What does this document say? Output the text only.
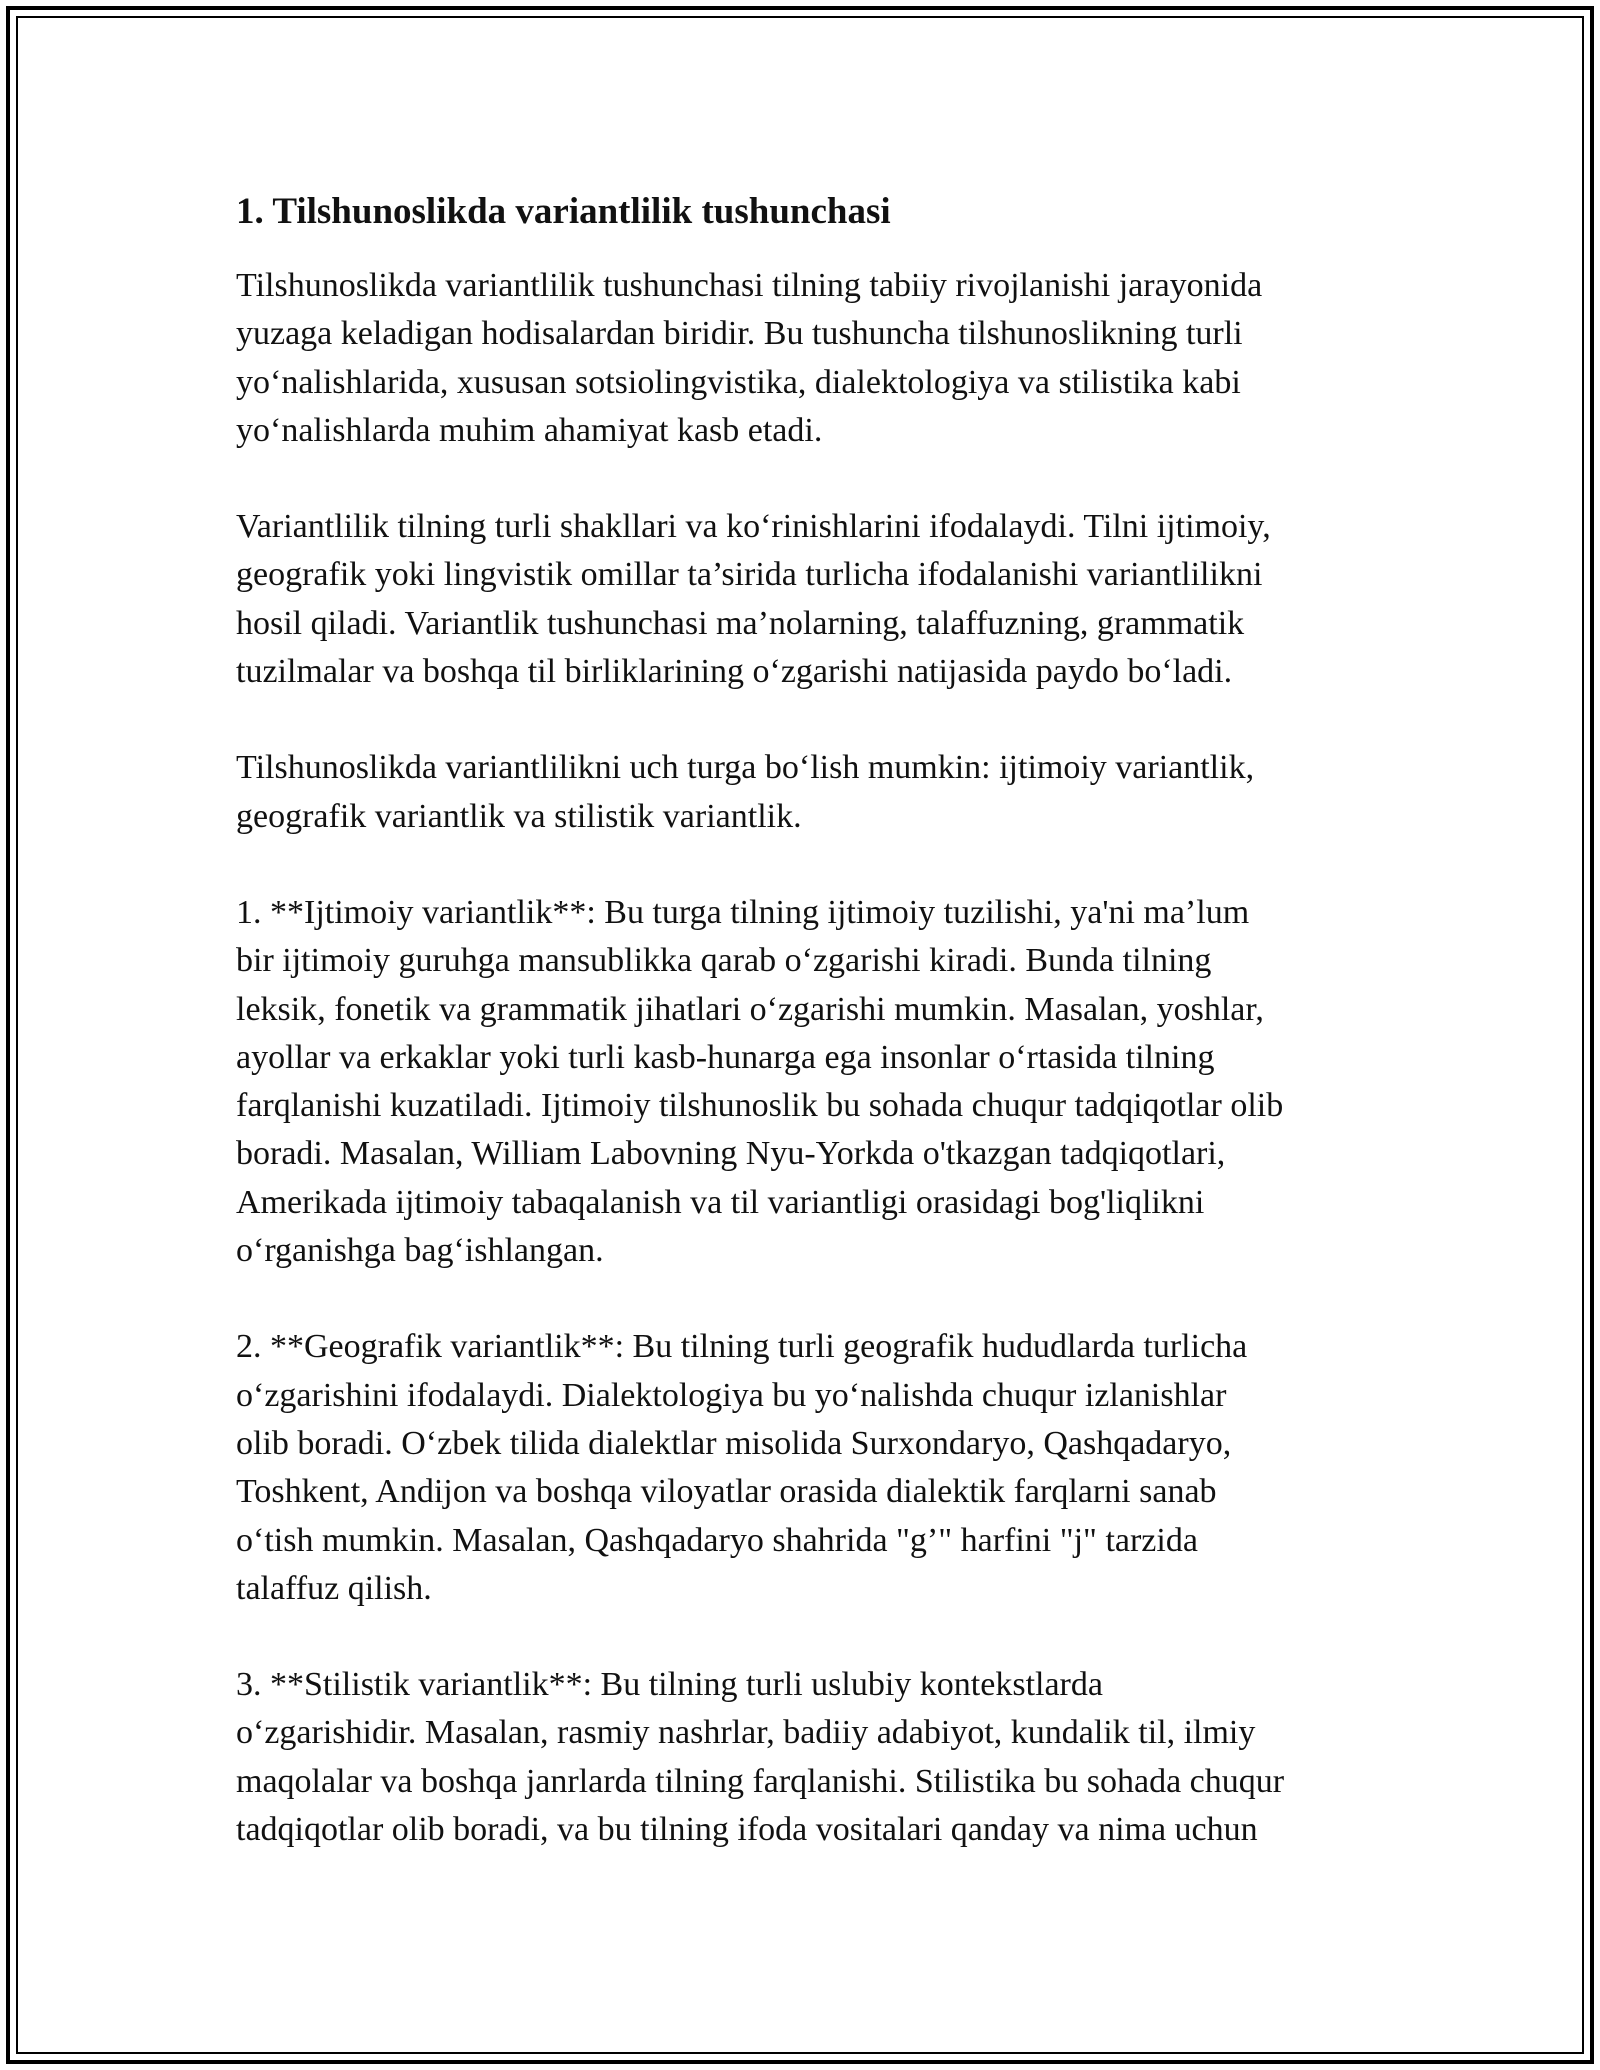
1. Tilshunoslikda variantlilik tushunchasi

Tilshunoslikda variantlilik tushunchasi tilning tabiiy rivojlanishi jarayonida
yuzaga keladigan hodisalardan biridir. Bu tushuncha tilshunoslikning turli
yo‘nalishlarida, xususan sotsiolingvistika, dialektologiya va stilistika kabi
yo‘nalishlarda muhim ahamiyat kasb etadi.

Variantlilik tilning turli shakllari va ko‘rinishlarini ifodalaydi. Tilni ijtimoiy,
geografik yoki lingvistik omillar ta’sirida turlicha ifodalanishi variantlilikni
hosil qiladi. Variantlik tushunchasi ma’nolarning, talaffuzning, grammatik
tuzilmalar va boshqa til birliklarining o‘zgarishi natijasida paydo bo‘ladi.

Tilshunoslikda variantlilikni uch turga bo‘lish mumkin: ijtimoiy variantlik,
geografik variantlik va stilistik variantlik.

1. **Ijtimoiy variantlik**: Bu turga tilning ijtimoiy tuzilishi, ya'ni ma’lum
bir ijtimoiy guruhga mansublikka qarab o‘zgarishi kiradi. Bunda tilning
leksik, fonetik va grammatik jihatlari o‘zgarishi mumkin. Masalan, yoshlar,
ayollar va erkaklar yoki turli kasb-hunarga ega insonlar o‘rtasida tilning
farqlanishi kuzatiladi. Ijtimoiy tilshunoslik bu sohada chuqur tadqiqotlar olib
boradi. Masalan, William Labovning Nyu-Yorkda o'tkazgan tadqiqotlari,
Amerikada ijtimoiy tabaqalanish va til variantligi orasidagi bog'liqlikni
o‘rganishga bag‘ishlangan.

2. **Geografik variantlik**: Bu tilning turli geografik hududlarda turlicha
o‘zgarishini ifodalaydi. Dialektologiya bu yo‘nalishda chuqur izlanishlar
olib boradi. O‘zbek tilida dialektlar misolida Surxondaryo, Qashqadaryo,
Toshkent, Andijon va boshqa viloyatlar orasida dialektik farqlarni sanab
o‘tish mumkin. Masalan, Qashqadaryo shahrida "g’" harfini "j" tarzida
talaffuz qilish.

3. **Stilistik variantlik**: Bu tilning turli uslubiy kontekstlarda
o‘zgarishidir. Masalan, rasmiy nashrlar, badiiy adabiyot, kundalik til, ilmiy
maqolalar va boshqa janrlarda tilning farqlanishi. Stilistika bu sohada chuqur
tadqiqotlar olib boradi, va bu tilning ifoda vositalari qanday va nima uchun
